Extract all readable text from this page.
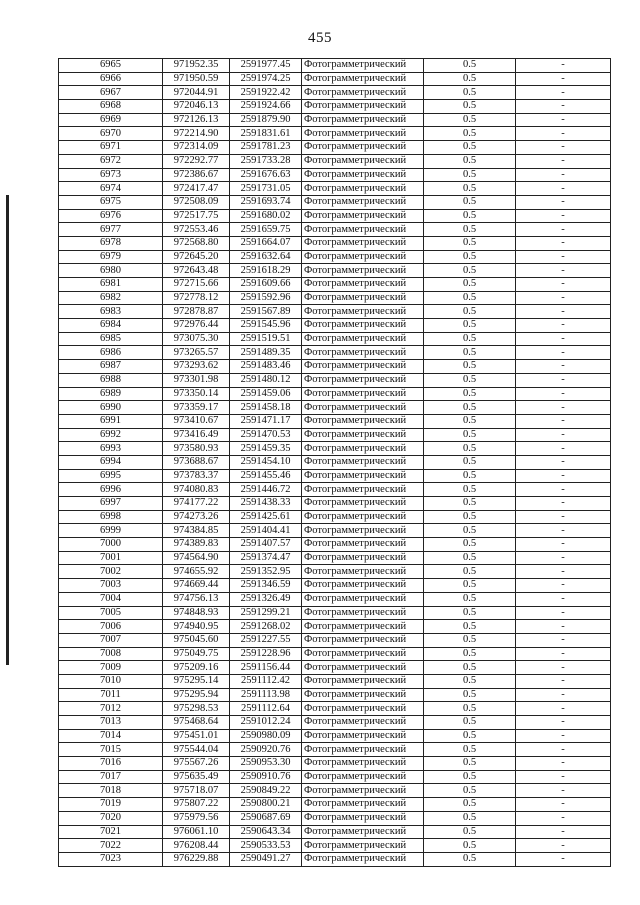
455
6965	971952.35	2591977.45	Фотограмметрический	0.5	-
6966	971950.59	2591974.25	Фотограмметрический	0.5	-
6967	972044.91	2591922.42	Фотограмметрический	0.5	-
6968	972046.13	2591924.66	Фотограмметрический	0.5	-
6969	972126.13	2591879.90	Фотограмметрический	0.5	-
6970	972214.90	2591831.61	Фотограмметрический	0.5	-
6971	972314.09	2591781.23	Фотограмметрический	0.5	-
6972	972292.77	2591733.28	Фотограмметрический	0.5	-
6973	972386.67	2591676.63	Фотограмметрический	0.5	-
6974	972417.47	2591731.05	Фотограмметрический	0.5	-
6975	972508.09	2591693.74	Фотограмметрический	0.5	-
6976	972517.75	2591680.02	Фотограмметрический	0.5	-
6977	972553.46	2591659.75	Фотограмметрический	0.5	-
6978	972568.80	2591664.07	Фотограмметрический	0.5	-
6979	972645.20	2591632.64	Фотограмметрический	0.5	-
6980	972643.48	2591618.29	Фотограмметрический	0.5	-
6981	972715.66	2591609.66	Фотограмметрический	0.5	-
6982	972778.12	2591592.96	Фотограмметрический	0.5	-
6983	972878.87	2591567.89	Фотограмметрический	0.5	-
6984	972976.44	2591545.96	Фотограмметрический	0.5	-
6985	973075.30	2591519.51	Фотограмметрический	0.5	-
6986	973265.57	2591489.35	Фотограмметрический	0.5	-
6987	973293.62	2591483.46	Фотограмметрический	0.5	-
6988	973301.98	2591480.12	Фотограмметрический	0.5	-
6989	973350.14	2591459.06	Фотограмметрический	0.5	-
6990	973359.17	2591458.18	Фотограмметрический	0.5	-
6991	973410.67	2591471.17	Фотограмметрический	0.5	-
6992	973416.49	2591470.53	Фотограмметрический	0.5	-
6993	973580.93	2591459.35	Фотограмметрический	0.5	-
6994	973688.67	2591454.10	Фотограмметрический	0.5	-
6995	973783.37	2591455.46	Фотограмметрический	0.5	-
6996	974080.83	2591446.72	Фотограмметрический	0.5	-
6997	974177.22	2591438.33	Фотограмметрический	0.5	-
6998	974273.26	2591425.61	Фотограмметрический	0.5	-
6999	974384.85	2591404.41	Фотограмметрический	0.5	-
7000	974389.83	2591407.57	Фотограмметрический	0.5	-
7001	974564.90	2591374.47	Фотограмметрический	0.5	-
7002	974655.92	2591352.95	Фотограмметрический	0.5	-
7003	974669.44	2591346.59	Фотограмметрический	0.5	-
7004	974756.13	2591326.49	Фотограмметрический	0.5	-
7005	974848.93	2591299.21	Фотограмметрический	0.5	-
7006	974940.95	2591268.02	Фотограмметрический	0.5	-
7007	975045.60	2591227.55	Фотограмметрический	0.5	-
7008	975049.75	2591228.96	Фотограмметрический	0.5	-
7009	975209.16	2591156.44	Фотограмметрический	0.5	-
7010	975295.14	2591112.42	Фотограмметрический	0.5	-
7011	975295.94	2591113.98	Фотограмметрический	0.5	-
7012	975298.53	2591112.64	Фотограмметрический	0.5	-
7013	975468.64	2591012.24	Фотограмметрический	0.5	-
7014	975451.01	2590980.09	Фотограмметрический	0.5	-
7015	975544.04	2590920.76	Фотограмметрический	0.5	-
7016	975567.26	2590953.30	Фотограмметрический	0.5	-
7017	975635.49	2590910.76	Фотограмметрический	0.5	-
7018	975718.07	2590849.22	Фотограмметрический	0.5	-
7019	975807.22	2590800.21	Фотограмметрический	0.5	-
7020	975979.56	2590687.69	Фотограмметрический	0.5	-
7021	976061.10	2590643.34	Фотограмметрический	0.5	-
7022	976208.44	2590533.53	Фотограмметрический	0.5	-
7023	976229.88	2590491.27	Фотограмметрический	0.5	-
